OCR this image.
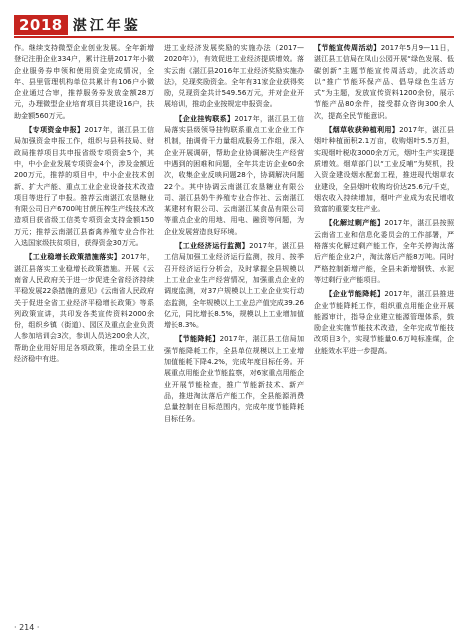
2018 湛江年鉴

作。继续支持微型企业创业发展。全年新增登记注册企业334户，累计注册2017年小微企业服务券申领和使用资金完成情况，全年、县里管理机构单位共累计有106户小微企业通过合审，推荐服务券发放金额28万元，办理微型企业培育项目共建设16户，扶助金额560万元。

【专项资金申报】2017年，湛江县工信局加强资金申报工作，组织与县科技局、财政局推荐项目共申报省级专项资金5个，其中，中小企业发展专项资金4个，涉及金额近200万元，推荐的项目中，中小企业技术创新、扩大产能、重点工业企业设备技术改造项目等进行了申报。推荐云南湛江农垦糖业有限公司日产6700吨甘蔗压榨生产线技术改造项目获省级工信类专项资金支持金额150万元；推荐云南湛江县畜禽养殖专业合作社入选国家级扶贫项目，获得资金30万元。

【工业稳增长政策措施落实】2017年，湛江县落实工业稳增长政策措施。开展《云南省人民政府关于进一步促进全省经济持续平稳发展22条措施的意见》《云南省人民政府关于促进全省工业经济平稳增长政策》等系列政策宣讲，共印发各类宣传资料2000余份，组织乡镇（街道）、园区及重点企业负责人参加培训会3次，参训人员达200余人次，帮助企业用好用足各项政策，推动全县工业经济稳中有进。

进工业经济发展奖励的实施办法（2017—2020年）》，有效促进工业经济提质增效。落实云南《湛江县2016年工业经济奖励实施办法》，兑现奖励资金。全年有31家企业获得奖励，兑现资金共计549.56万元，并对企业开展培训，推动企业按规定申报资金。

【企业挂钩联系】2017年，湛江县工信局落实县级领导挂钩联系重点工业企业工作机制，抽调骨干力量组成服务工作组，深入企业开展调研，帮助企业协调解决生产经营中遇到的困难和问题，全年共走访企业60余次，收集企业反映问题28个，协调解决问题22个。其中协调云南湛江农垦糖业有限公司、湛江县奶牛养殖专业合作社、云南湛江某建材有限公司、云南湛江某食品有限公司等重点企业的用地、用电、融资等问题，为企业发展营造良好环境。

【工业经济运行监测】2017年，湛江县工信局加强工业经济运行监测，按月、按季召开经济运行分析会，及时掌握全县规模以上工业企业生产经营情况，加强重点企业的调度监测，对37户规模以上工业企业实行动态监测，全年规模以上工业总产值完成39.26亿元，同比增长8.5%，规模以上工业增加值增长8.3%。

【节能降耗】2017年，湛江县工信局加强节能降耗工作，全县单位规模以上工业增加值能耗下降4.2%，完成年度目标任务。开展重点用能企业节能监察，对6家重点用能企业开展节能检查，推广节能新技术、新产品，推进淘汰落后产能工作，全县能源消费总量控制在目标范围内，完成年度节能降耗目标任务。

【节能宣传周活动】2017年5月9—11日，湛江县工信局在凤山公园开展“绿色发展、低碳创新”主题节能宣传周活动，此次活动以“推广节能环保产品、倡导绿色生活方式”为主题，发放宣传资料1200余份，展示节能产品80余件，接受群众咨询300余人次，提高全民节能意识。

【烟草收获种植利用】2017年，湛江县烟叶种植面积2.1万亩，收购烟叶5.5万担，实现烟叶税收3000余万元，烟叶生产实现提质增效。烟草部门以“工业反哺”为契机，投入资金建设烟水配套工程，推进现代烟草农业建设，全县烟叶收购均价达25.6元/千克，烟农收入持续增加，烟叶产业成为农民增收致富的重要支柱产业。

【化解过剩产能】2017年，湛江县按照云南省工业和信息化委员会的工作部署，严格落实化解过剩产能工作，全年关停淘汰落后产能企业2户，淘汰落后产能8万吨。同时严格控制新增产能，全县未新增钢铁、水泥等过剩行业产能项目。

【企业节能降耗】2017年，湛江县推进企业节能降耗工作，组织重点用能企业开展能源审计，指导企业建立能源管理体系，鼓励企业实施节能技术改造，全年完成节能技改项目3个，实现节能量0.6万吨标准煤，企业能效水平进一步提高。

· 214 ·
